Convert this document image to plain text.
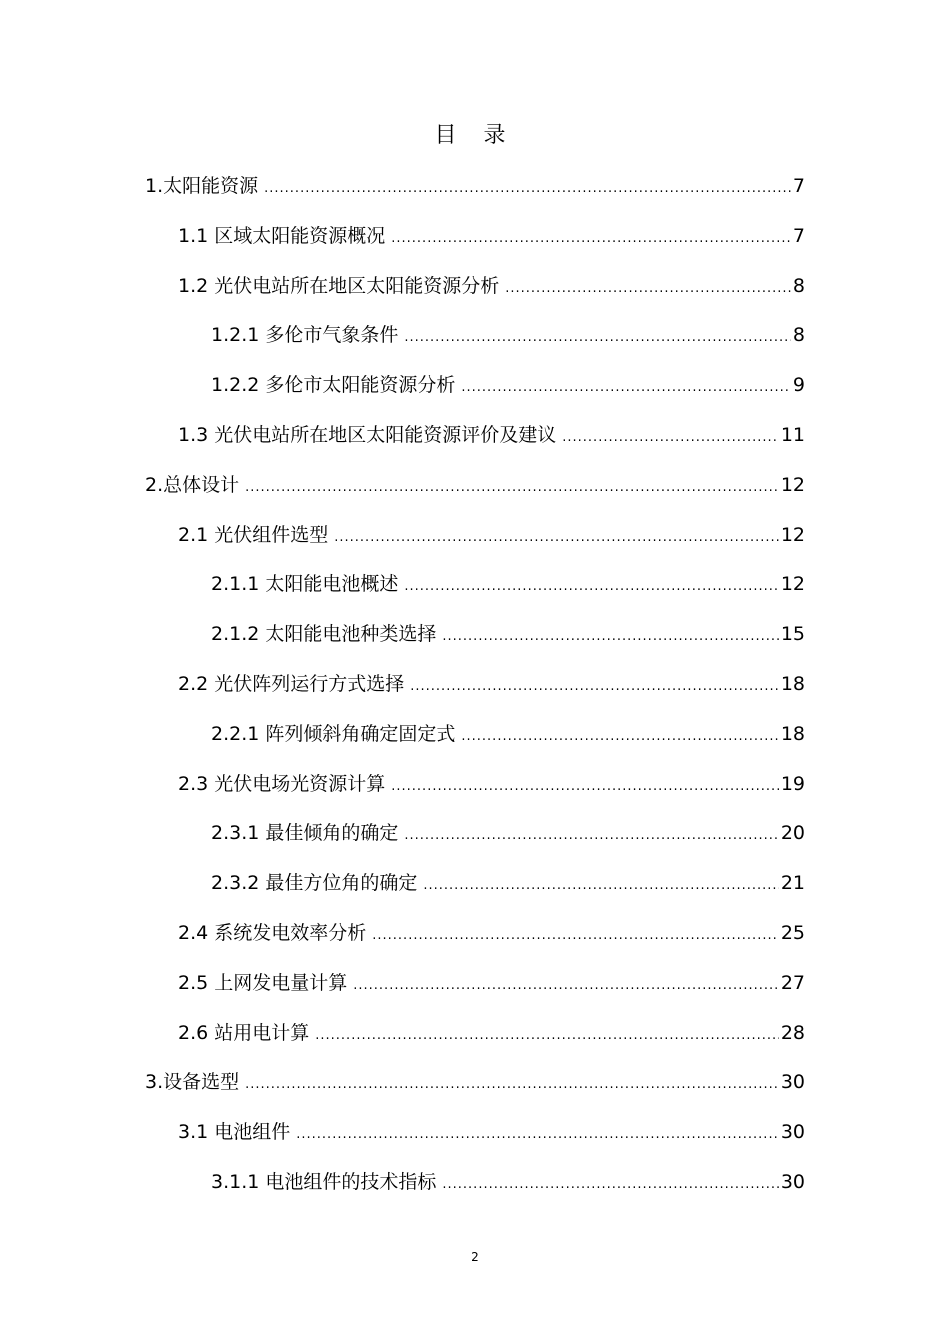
目 录
1.太阳能资源 .....	7
1.1 区域太阳能资源概况 .....	7
1.2 光伏电站所在地区太阳能资源分析 .....	8
1.2.1 多伦市气象条件 .....	8
1.2.2 多伦市太阳能资源分析 .....	9
1.3 光伏电站所在地区太阳能资源评价及建议 .....	11
2.总体设计 .....	12
2.1 光伏组件选型 .....	12
2.1.1 太阳能电池概述 .....	12
2.1.2 太阳能电池种类选择 .....	15
2.2 光伏阵列运行方式选择 .....	18
2.2.1 阵列倾斜角确定固定式 .....	18
2.3 光伏电场光资源计算 .....	19
2.3.1 最佳倾角的确定 .....	20
2.3.2 最佳方位角的确定 .....	21
2.4 系统发电效率分析 .....	25
2.5 上网发电量计算 .....	27
2.6 站用电计算 .....	28
3.设备选型 .....	30
3.1 电池组件 .....	30
3.1.1 电池组件的技术指标 .....	30
2
